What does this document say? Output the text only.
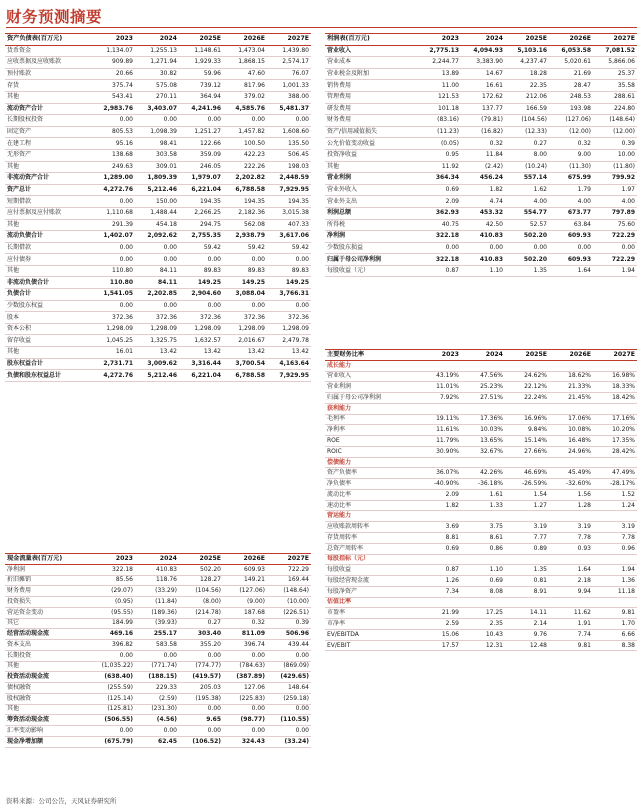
财务预测摘要
资产负债表(百万元)	2023	2024	2025E	2026E	2027E
货币资金	1,134.07	1,255.13	1,148.61	1,473.04	1,439.80
应收票据及应收账款	909.89	1,271.94	1,929.33	1,868.15	2,574.17
预付账款	20.66	30.82	59.96	47.60	76.07
存货	375.74	575.08	739.12	817.96	1,001.33
其他	543.41	270.11	364.94	379.02	388.00
流动资产合计	2,983.76	3,403.07	4,241.96	4,585.76	5,481.37
长期股权投资	0.00	0.00	0.00	0.00	0.00
固定资产	805.53	1,098.39	1,251.27	1,457.82	1,608.60
在建工程	95.16	98.41	122.66	100.50	135.50
无形资产	138.68	303.58	359.09	422.23	506.45
其他	249.63	309.01	246.05	222.26	198.03
非流动资产合计	1,289.00	1,809.39	1,979.07	2,202.82	2,448.59
资产总计	4,272.76	5,212.46	6,221.04	6,788.58	7,929.95
短期借款	0.00	150.00	194.35	194.35	194.35
应付票据及应付账款	1,110.68	1,488.44	2,266.25	2,182.36	3,015.38
其他	291.39	454.18	294.75	562.08	407.33
流动负债合计	1,402.07	2,092.62	2,755.35	2,938.79	3,617.06
长期借款	0.00	0.00	59.42	59.42	59.42
应付债券	0.00	0.00	0.00	0.00	0.00
其他	110.80	84.11	89.83	89.83	89.83
非流动负债合计	110.80	84.11	149.25	149.25	149.25
负债合计	1,541.05	2,202.85	2,904.60	3,088.04	3,766.31
少数股东权益	0.00	0.00	0.00	0.00	0.00
股本	372.36	372.36	372.36	372.36	372.36
资本公积	1,298.09	1,298.09	1,298.09	1,298.09	1,298.09
留存收益	1,045.25	1,325.75	1,632.57	2,016.67	2,479.78
其他	16.01	13.42	13.42	13.42	13.42
股东权益合计	2,731.71	3,009.62	3,316.44	3,700.54	4,163.64
负债和股东权益总计	4,272.76	5,212.46	6,221.04	6,788.58	7,929.95
利润表(百万元)	2023	2024	2025E	2026E	2027E
营业收入	2,775.13	4,094.93	5,103.16	6,053.58	7,081.52
营业成本	2,244.77	3,383.90	4,237.47	5,020.61	5,866.06
营业税金及附加	13.89	14.67	18.28	21.69	25.37
销售费用	11.00	16.61	22.35	28.47	35.58
管理费用	121.53	172.62	212.06	248.53	288.61
研发费用	101.18	137.77	166.59	193.98	224.80
财务费用	(83.16)	(79.81)	(104.56)	(127.06)	(148.64)
资产/信用减值损失	(11.23)	(16.82)	(12.33)	(12.00)	(12.00)
公允价值变动收益	(0.05)	0.32	0.27	0.32	0.39
投资净收益	0.95	11.84	8.00	9.00	10.00
其他	11.92	(2.42)	(10.24)	(11.30)	(11.80)
营业利润	364.34	456.24	557.14	675.99	799.92
营业外收入	0.69	1.82	1.62	1.79	1.97
营业外支出	2.09	4.74	4.00	4.00	4.00
利润总额	362.93	453.32	554.77	673.77	797.89
所得税	40.75	42.50	52.57	63.84	75.60
净利润	322.18	410.83	502.20	609.93	722.29
少数股东损益	0.00	0.00	0.00	0.00	0.00
归属于母公司净利润	322.18	410.83	502.20	609.93	722.29
每股收益（元）	0.87	1.10	1.35	1.64	1.94
现金流量表(百万元)	2023	2024	2025E	2026E	2027E
净利润	322.18	410.83	502.20	609.93	722.29
折旧摊销	85.56	118.76	128.27	149.21	169.44
财务费用	(29.07)	(33.29)	(104.56)	(127.06)	(148.64)
投资损失	(0.95)	(11.84)	(8.00)	(9.00)	(10.00)
营运资金变动	(95.55)	(189.36)	(214.78)	187.68	(226.51)
其它	184.99	(39.93)	0.27	0.32	0.39
经营活动现金流	469.16	255.17	303.40	811.09	506.96
资本支出	396.82	583.58	355.20	396.74	439.44
长期投资	0.00	0.00	0.00	0.00	0.00
其他	(1,035.22)	(771.74)	(774.77)	(784.63)	(869.09)
投资活动现金流	(638.40)	(188.15)	(419.57)	(387.89)	(429.65)
债权融资	(255.59)	229.33	205.03	127.06	148.64
股权融资	(125.14)	(2.59)	(195.38)	(225.83)	(259.18)
其他	(125.81)	(231.30)	0.00	0.00	0.00
筹资活动现金流	(506.55)	(4.56)	9.65	(98.77)	(110.55)
汇率变动影响	0.00	0.00	0.00	0.00	0.00
现金净增加额	(675.79)	62.45	(106.52)	324.43	(33.24)
主要财务比率	2023	2024	2025E	2026E	2027E
成长能力					
营业收入	43.19%	47.56%	24.62%	18.62%	16.98%
营业利润	11.01%	25.23%	22.12%	21.33%	18.33%
归属于母公司净利润	7.92%	27.51%	22.24%	21.45%	18.42%
获利能力					
毛利率	19.11%	17.36%	16.96%	17.06%	17.16%
净利率	11.61%	10.03%	9.84%	10.08%	10.20%
ROE	11.79%	13.65%	15.14%	16.48%	17.35%
ROIC	30.90%	32.67%	27.66%	24.96%	28.42%
偿债能力					
资产负债率	36.07%	42.26%	46.69%	45.49%	47.49%
净负债率	-40.90%	-36.18%	-26.59%	-32.60%	-28.17%
流动比率	2.09	1.61	1.54	1.56	1.52
速动比率	1.82	1.33	1.27	1.28	1.24
营运能力					
应收账款周转率	3.69	3.75	3.19	3.19	3.19
存货周转率	8.81	8.61	7.77	7.78	7.78
总资产周转率	0.69	0.86	0.89	0.93	0.96
每股指标（元）					
每股收益	0.87	1.10	1.35	1.64	1.94
每股经营现金流	1.26	0.69	0.81	2.18	1.36
每股净资产	7.34	8.08	8.91	9.94	11.18
估值比率					
市盈率	21.99	17.25	14.11	11.62	9.81
市净率	2.59	2.35	2.14	1.91	1.70
EV/EBITDA	15.06	10.43	9.76	7.74	6.66
EV/EBIT	17.57	12.31	12.48	9.81	8.38
资料来源：公司公告，天风证券研究所
